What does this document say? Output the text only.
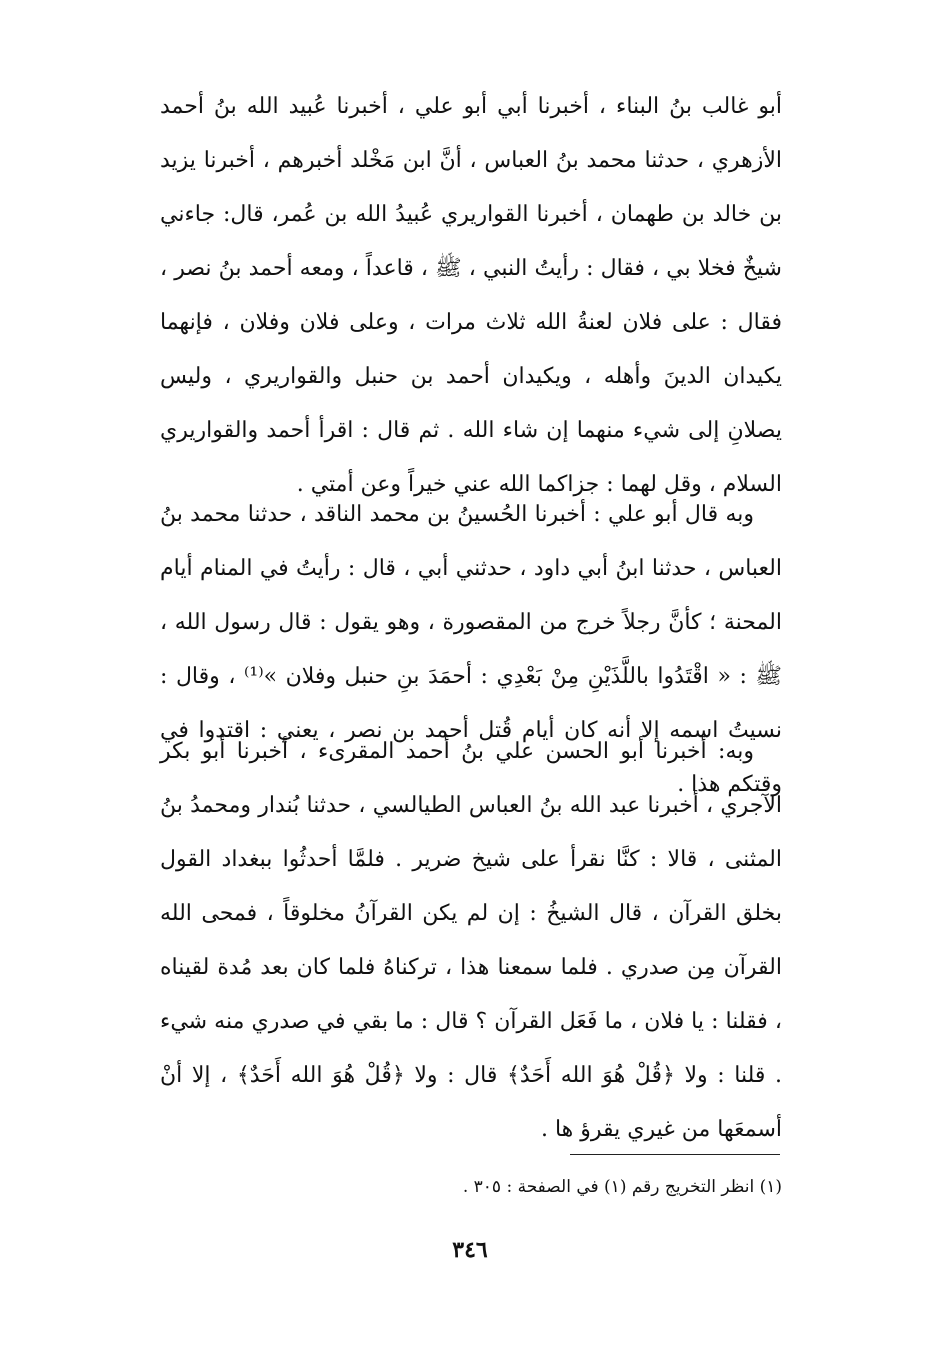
أبو غالب بنُ البناء ، أخبرنا أبي أبو علي ، أخبرنا عُبيد الله بنُ أحمد الأزهري ، حدثنا محمد بنُ العباس ، أنَّ ابن مَخْلد أخبرهم ، أخبرنا يزيد بن خالد بن طهمان ، أخبرنا القواريري عُبيدُ الله بن عُمر، قال: جاءني شيخٌ فخلا بي ، فقال : رأيتُ النبي ، ﷺ ، قاعداً ، ومعه أحمد بنُ نصر ، فقال : على فلان لعنةُ الله ثلاث مرات ، وعلى فلان وفلان ، فإنهما يكيدان الدينَ وأهله ، ويكيدان أحمد بن حنبل والقواريري ، وليس يصلانِ إلى شيء منهما إن شاء الله . ثم قال : اقرأ أحمد والقواريري السلام ، وقل لهما : جزاكما الله عني خيراً وعن أمتي .

وبه قال أبو علي : أخبرنا الحُسينُ بن محمد الناقد ، حدثنا محمد بنُ العباس ، حدثنا ابنُ أبي داود ، حدثني أبي ، قال : رأيتُ في المنام أيام المحنة ؛ كأنَّ رجلاً خرج من المقصورة ، وهو يقول : قال رسول الله ، ﷺ : « اقْتَدُوا باللَّذَيْنِ مِنْ بَعْدِي : أحمَدَ بنِ حنبل وفلان »⁽¹⁾ ، وقال : نسيتُ اسمه إلا أنه كان أيام قُتل أحمد بن نصر ، يعني : اقتدوا في وقتكم هذا .

وبه: أخبرنا أبو الحسن علي بنُ أحمد المقرىء ، أخبرنا أبو بكر الآجري ، أخبرنا عبد الله بنُ العباس الطيالسي ، حدثنا بُندار ومحمدُ بنُ المثنى ، قالا : كنَّا نقرأ على شيخ ضرير . فلمَّا أحدثُوا ببغداد القول بخلق القرآن ، قال الشيخُ : إن لم يكن القرآنُ مخلوقاً ، فمحى الله القرآن مِن صدري . فلما سمعنا هذا ، تركناهُ فلما كان بعد مُدة لقيناه ، فقلنا : يا فلان ، ما فَعَل القرآن ؟ قال : ما بقي في صدري منه شيء . قلنا : ولا ﴿قُلْ هُوَ الله أَحَدٌ﴾ قال : ولا ﴿قُلْ هُوَ الله أَحَدٌ﴾ ، إلا أنْ أسمعَها من غيري يقرؤ ها .

(١) انظر التخريج رقم (١) في الصفحة : ٣٠٥ .
٣٤٦
